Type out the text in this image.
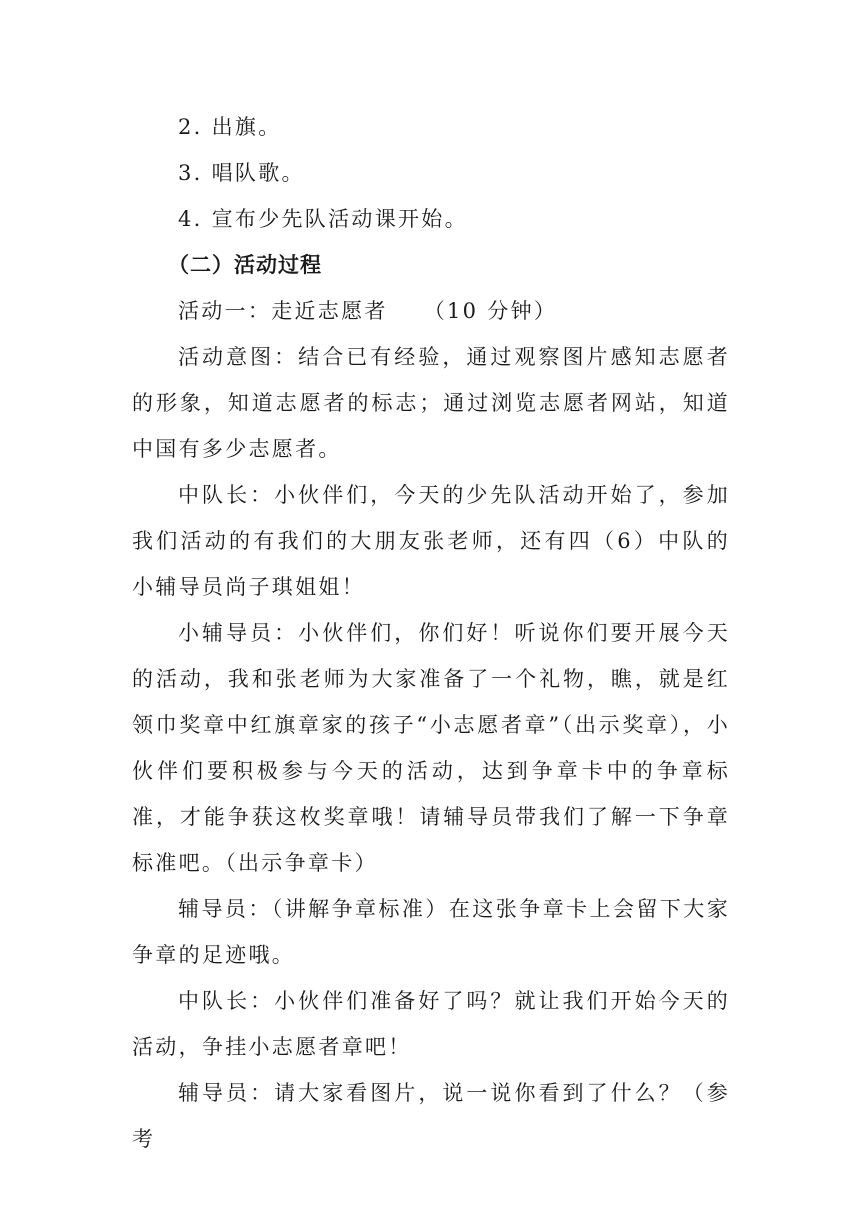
2. 出旗。
3. 唱队歌。
4. 宣布少先队活动课开始。
（二）活动过程
活动一：走近志愿者 （10 分钟）

活动意图：结合已有经验，通过观察图片感知志愿者的形象，知道志愿者的标志；通过浏览志愿者网站，知道中国有多少志愿者。

中队长：小伙伴们，今天的少先队活动开始了，参加我们活动的有我们的大朋友张老师，还有四（6）中队的小辅导员尚子琪姐姐！

小辅导员：小伙伴们，你们好！听说你们要开展今天的活动，我和张老师为大家准备了一个礼物，瞧，就是红领巾奖章中红旗章家的孩子“小志愿者章”（出示奖章），小伙伴们要积极参与今天的活动，达到争章卡中的争章标准，才能争获这枚奖章哦！请辅导员带我们了解一下争章标准吧。（出示争章卡）

辅导员：（讲解争章标准）在这张争章卡上会留下大家争章的足迹哦。

中队长：小伙伴们准备好了吗？就让我们开始今天的活动，争挂小志愿者章吧！

辅导员：请大家看图片，说一说你看到了什么？（参考
